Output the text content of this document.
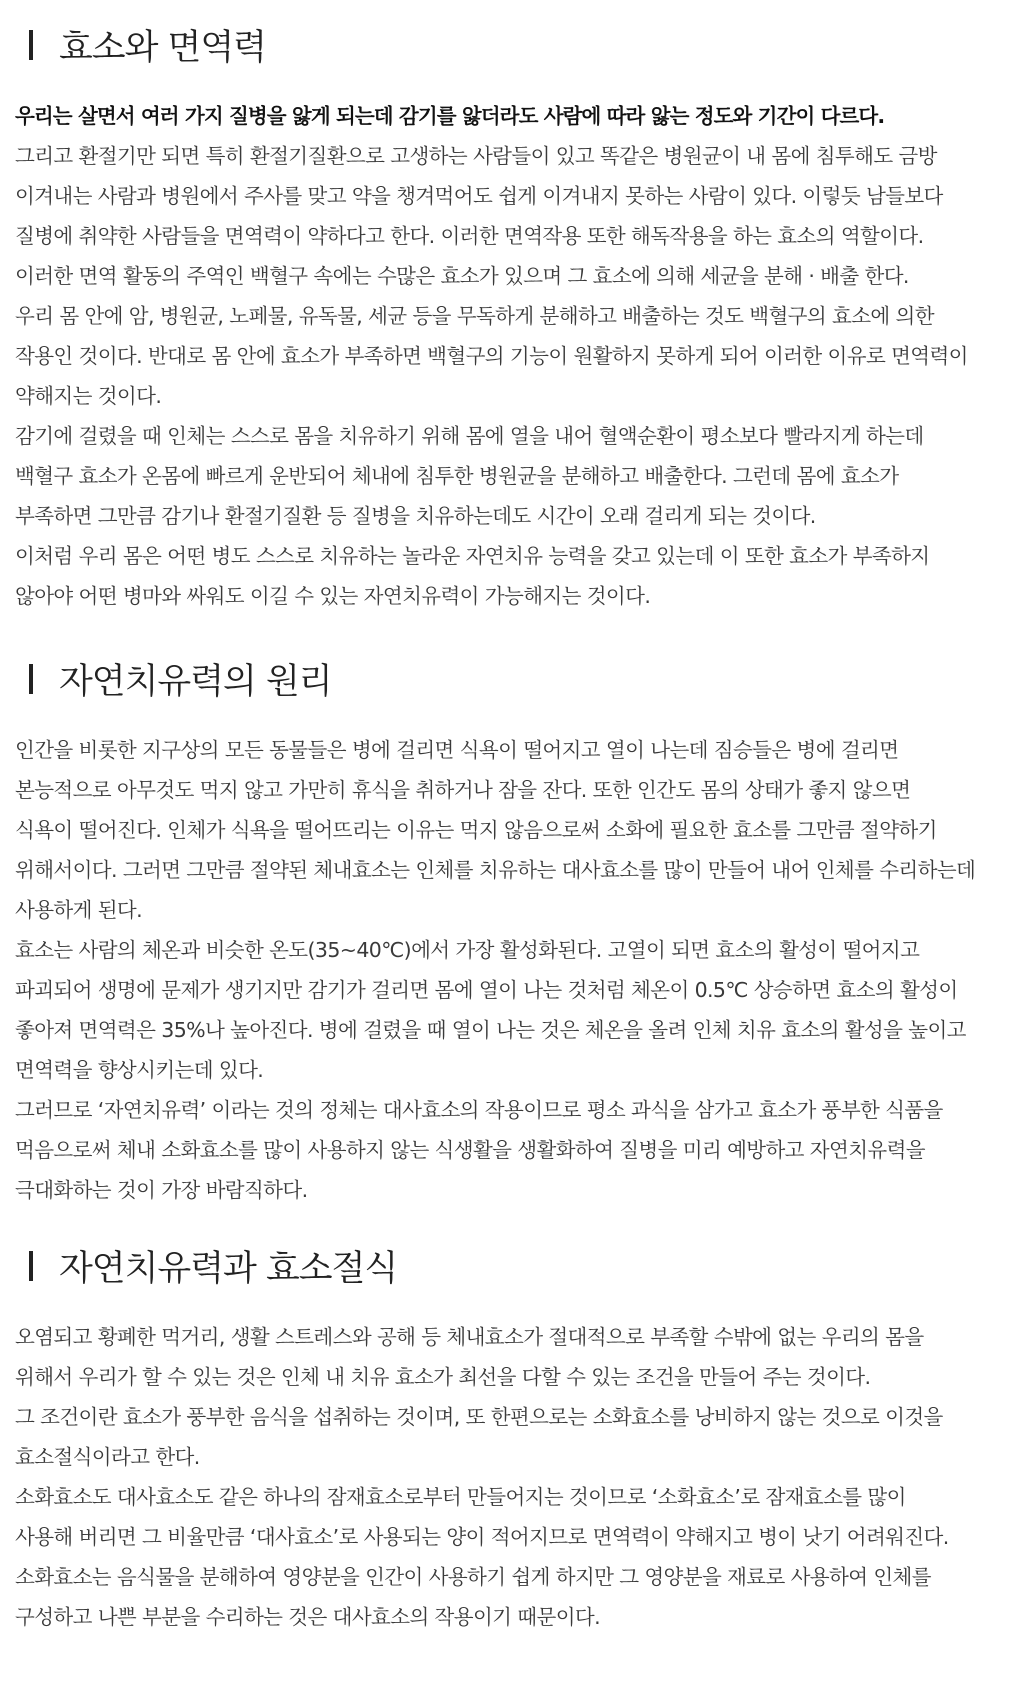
효소와 면역력
우리는 살면서 여러 가지 질병을 앓게 되는데 감기를 앓더라도 사람에 따라 앓는 정도와 기간이 다르다.
그리고 환절기만 되면 특히 환절기질환으로 고생하는 사람들이 있고 똑같은 병원균이 내 몸에 침투해도 금방
이겨내는 사람과 병원에서 주사를 맞고 약을 챙겨먹어도 쉽게 이겨내지 못하는 사람이 있다. 이렇듯 남들보다
질병에 취약한 사람들을 면역력이 약하다고 한다. 이러한 면역작용 또한 해독작용을 하는 효소의 역할이다.
이러한 면역 활동의 주역인 백혈구 속에는 수많은 효소가 있으며 그 효소에 의해 세균을 분해 · 배출 한다.
우리 몸 안에 암, 병원균, 노페물, 유독물, 세균 등을 무독하게 분해하고 배출하는 것도 백혈구의 효소에 의한
작용인 것이다. 반대로 몸 안에 효소가 부족하면 백혈구의 기능이 원활하지 못하게 되어 이러한 이유로 면역력이
약해지는 것이다.
감기에 걸렸을 때 인체는 스스로 몸을 치유하기 위해 몸에 열을 내어 혈액순환이 평소보다 빨라지게 하는데
백혈구 효소가 온몸에 빠르게 운반되어 체내에 침투한 병원균을 분해하고 배출한다. 그런데 몸에 효소가
부족하면 그만큼 감기나 환절기질환 등 질병을 치유하는데도 시간이 오래 걸리게 되는 것이다.
이처럼 우리 몸은 어떤 병도 스스로 치유하는 놀라운 자연치유 능력을 갖고 있는데 이 또한 효소가 부족하지
않아야 어떤 병마와 싸워도 이길 수 있는 자연치유력이 가능해지는 것이다.
자연치유력의 원리
인간을 비롯한 지구상의 모든 동물들은 병에 걸리면 식욕이 떨어지고 열이 나는데 짐승들은 병에 걸리면
본능적으로 아무것도 먹지 않고 가만히 휴식을 취하거나 잠을 잔다. 또한 인간도 몸의 상태가 좋지 않으면
식욕이 떨어진다. 인체가 식욕을 떨어뜨리는 이유는 먹지 않음으로써 소화에 필요한 효소를 그만큼 절약하기
위해서이다. 그러면 그만큼 절약된 체내효소는 인체를 치유하는 대사효소를 많이 만들어 내어 인체를 수리하는데
사용하게 된다.
효소는 사람의 체온과 비슷한 온도(35~40℃)에서 가장 활성화된다. 고열이 되면 효소의 활성이 떨어지고
파괴되어 생명에 문제가 생기지만 감기가 걸리면 몸에 열이 나는 것처럼 체온이 0.5℃ 상승하면 효소의 활성이
좋아져 면역력은 35%나 높아진다. 병에 걸렸을 때 열이 나는 것은 체온을 올려 인체 치유 효소의 활성을 높이고
면역력을 향상시키는데 있다.
그러므로 ‘자연치유력’ 이라는 것의 정체는 대사효소의 작용이므로 평소 과식을 삼가고 효소가 풍부한 식품을
먹음으로써 체내 소화효소를 많이 사용하지 않는 식생활을 생활화하여 질병을 미리 예방하고 자연치유력을
극대화하는 것이 가장 바람직하다.
자연치유력과 효소절식
오염되고 황폐한 먹거리, 생활 스트레스와 공해 등 체내효소가 절대적으로 부족할 수밖에 없는 우리의 몸을
위해서 우리가 할 수 있는 것은 인체 내 치유 효소가 최선을 다할 수 있는 조건을 만들어 주는 것이다.
그 조건이란 효소가 풍부한 음식을 섭취하는 것이며, 또 한편으로는 소화효소를 낭비하지 않는 것으로 이것을
효소절식이라고 한다.
소화효소도 대사효소도 같은 하나의 잠재효소로부터 만들어지는 것이므로 ‘소화효소’로 잠재효소를 많이
사용해 버리면 그 비율만큼 ‘대사효소’로 사용되는 양이 적어지므로 면역력이 약해지고 병이 낫기 어려워진다.
소화효소는 음식물을 분해하여 영양분을 인간이 사용하기 쉽게 하지만 그 영양분을 재료로 사용하여 인체를
구성하고 나쁜 부분을 수리하는 것은 대사효소의 작용이기 때문이다.
